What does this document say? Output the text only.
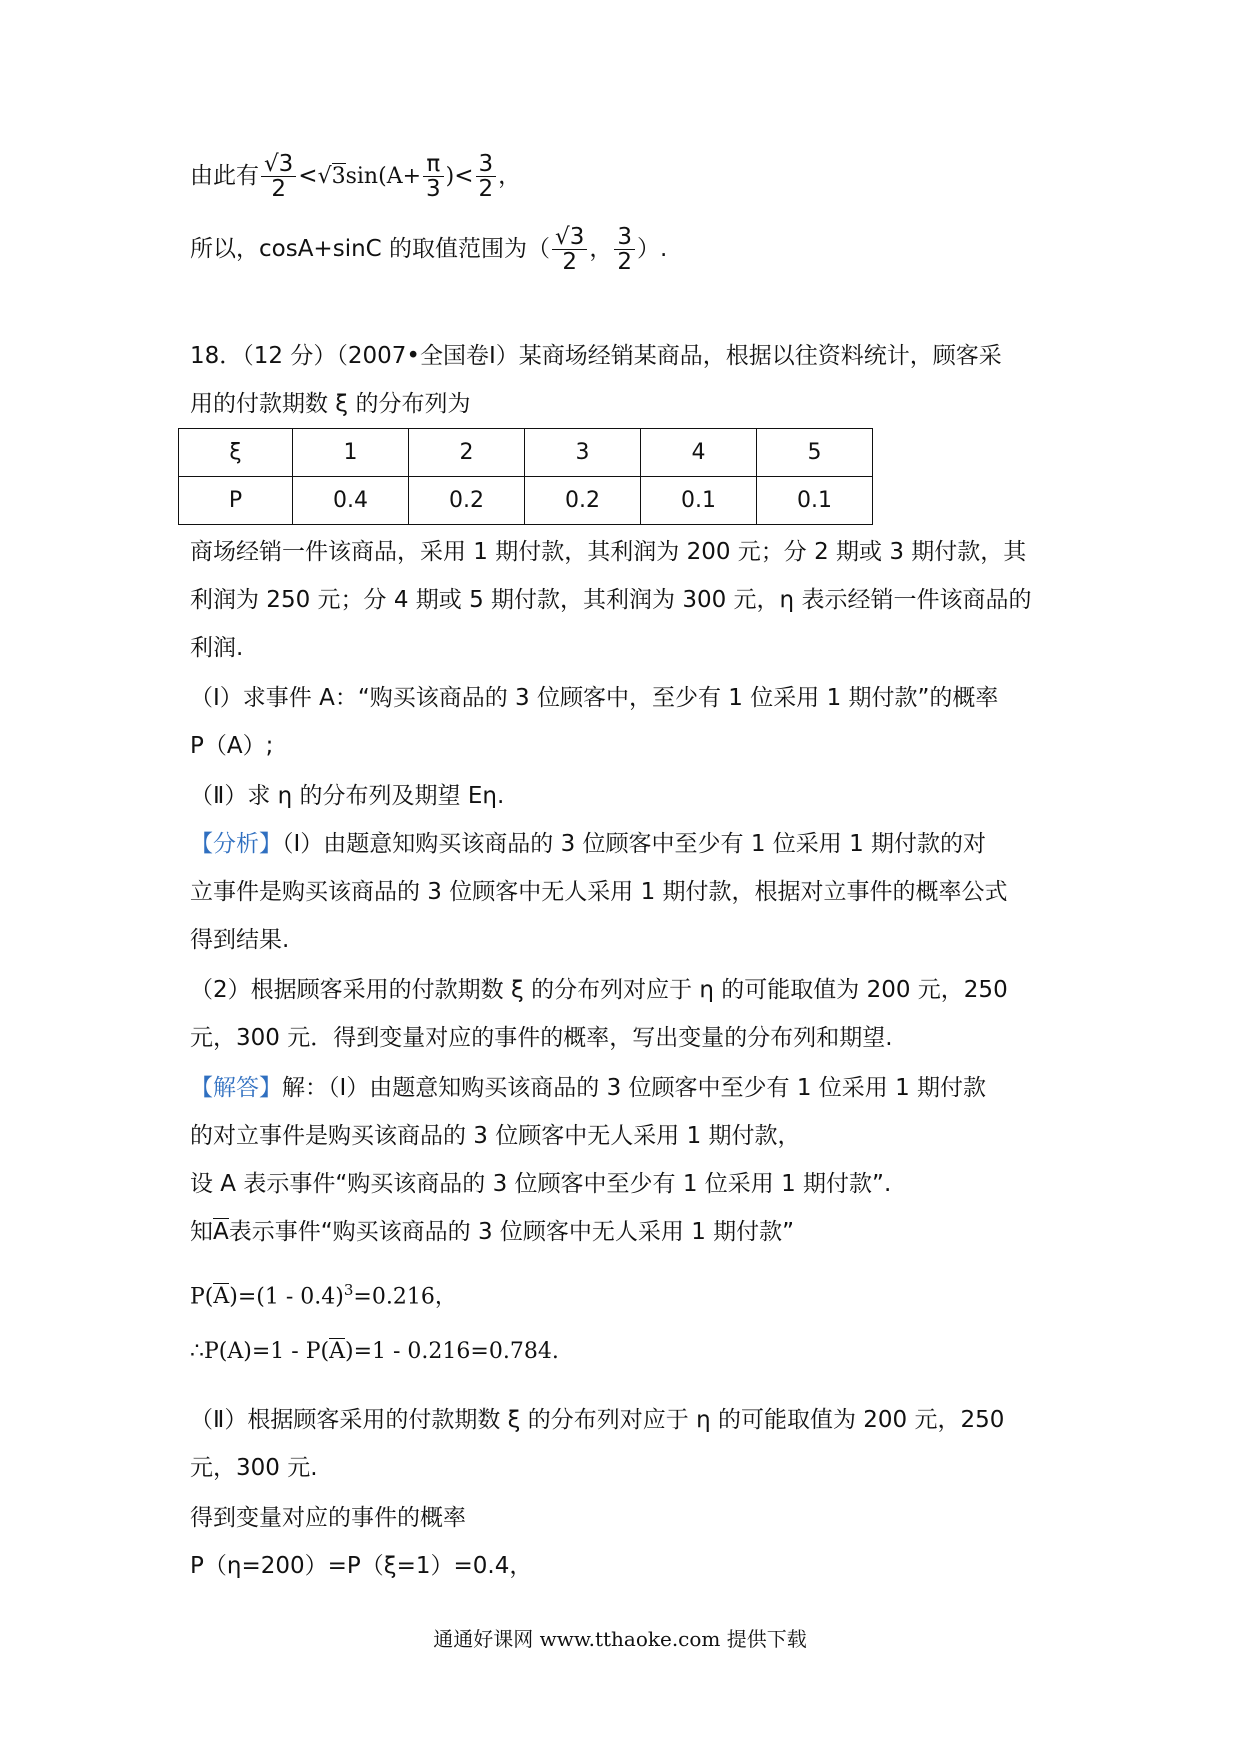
由此有 $\frac{√3}{2} <√3\sin(A+ \frac{\pi}{3}$ )< $\frac{3}{2}$ ，
所以，cosA+sinC 的取值范围为（ $\frac{√3}{2}$ ， $\frac{3}{2}$ ）.
18．（12 分）（2007•全国卷Ⅰ）某商场经销某商品，根据以往资料统计，顾客采
用的付款期数 ξ 的分布列为
ξ	1	2	3	4	5
P	0.4	0.2	0.2	0.1	0.1
商场经销一件该商品，采用 1 期付款，其利润为 200 元；分 2 期或 3 期付款，其
利润为 250 元；分 4 期或 5 期付款，其利润为 300 元，η 表示经销一件该商品的
利润.
（Ⅰ）求事件 A：“购买该商品的 3 位顾客中，至少有 1 位采用 1 期付款”的概率
P（A）;
（Ⅱ）求 η 的分布列及期望 Eη.
【分析】（Ⅰ）由题意知购买该商品的 3 位顾客中至少有 1 位采用 1 期付款的对
立事件是购买该商品的 3 位顾客中无人采用 1 期付款，根据对立事件的概率公式
得到结果.
（2）根据顾客采用的付款期数 ξ 的分布列对应于 η 的可能取值为 200 元，250
元，300 元．得到变量对应的事件的概率，写出变量的分布列和期望.
【解答】解：（Ⅰ）由题意知购买该商品的 3 位顾客中至少有 1 位采用 1 期付款
的对立事件是购买该商品的 3 位顾客中无人采用 1 期付款，
设 A 表示事件“购买该商品的 3 位顾客中至少有 1 位采用 1 期付款”.
知A表示事件“购买该商品的 3 位顾客中无人采用 1 期付款”
P(A)=(1 - 0.4)$^3$=0.216，
∴P(A)=1 - P(A)=1 - 0.216=0.784.
（Ⅱ）根据顾客采用的付款期数 ξ 的分布列对应于 η 的可能取值为 200 元，250
元，300 元.
得到变量对应的事件的概率
P（η=200）=P（ξ=1）=0.4，
通通好课网 www.tthaoke.com 提供下载
